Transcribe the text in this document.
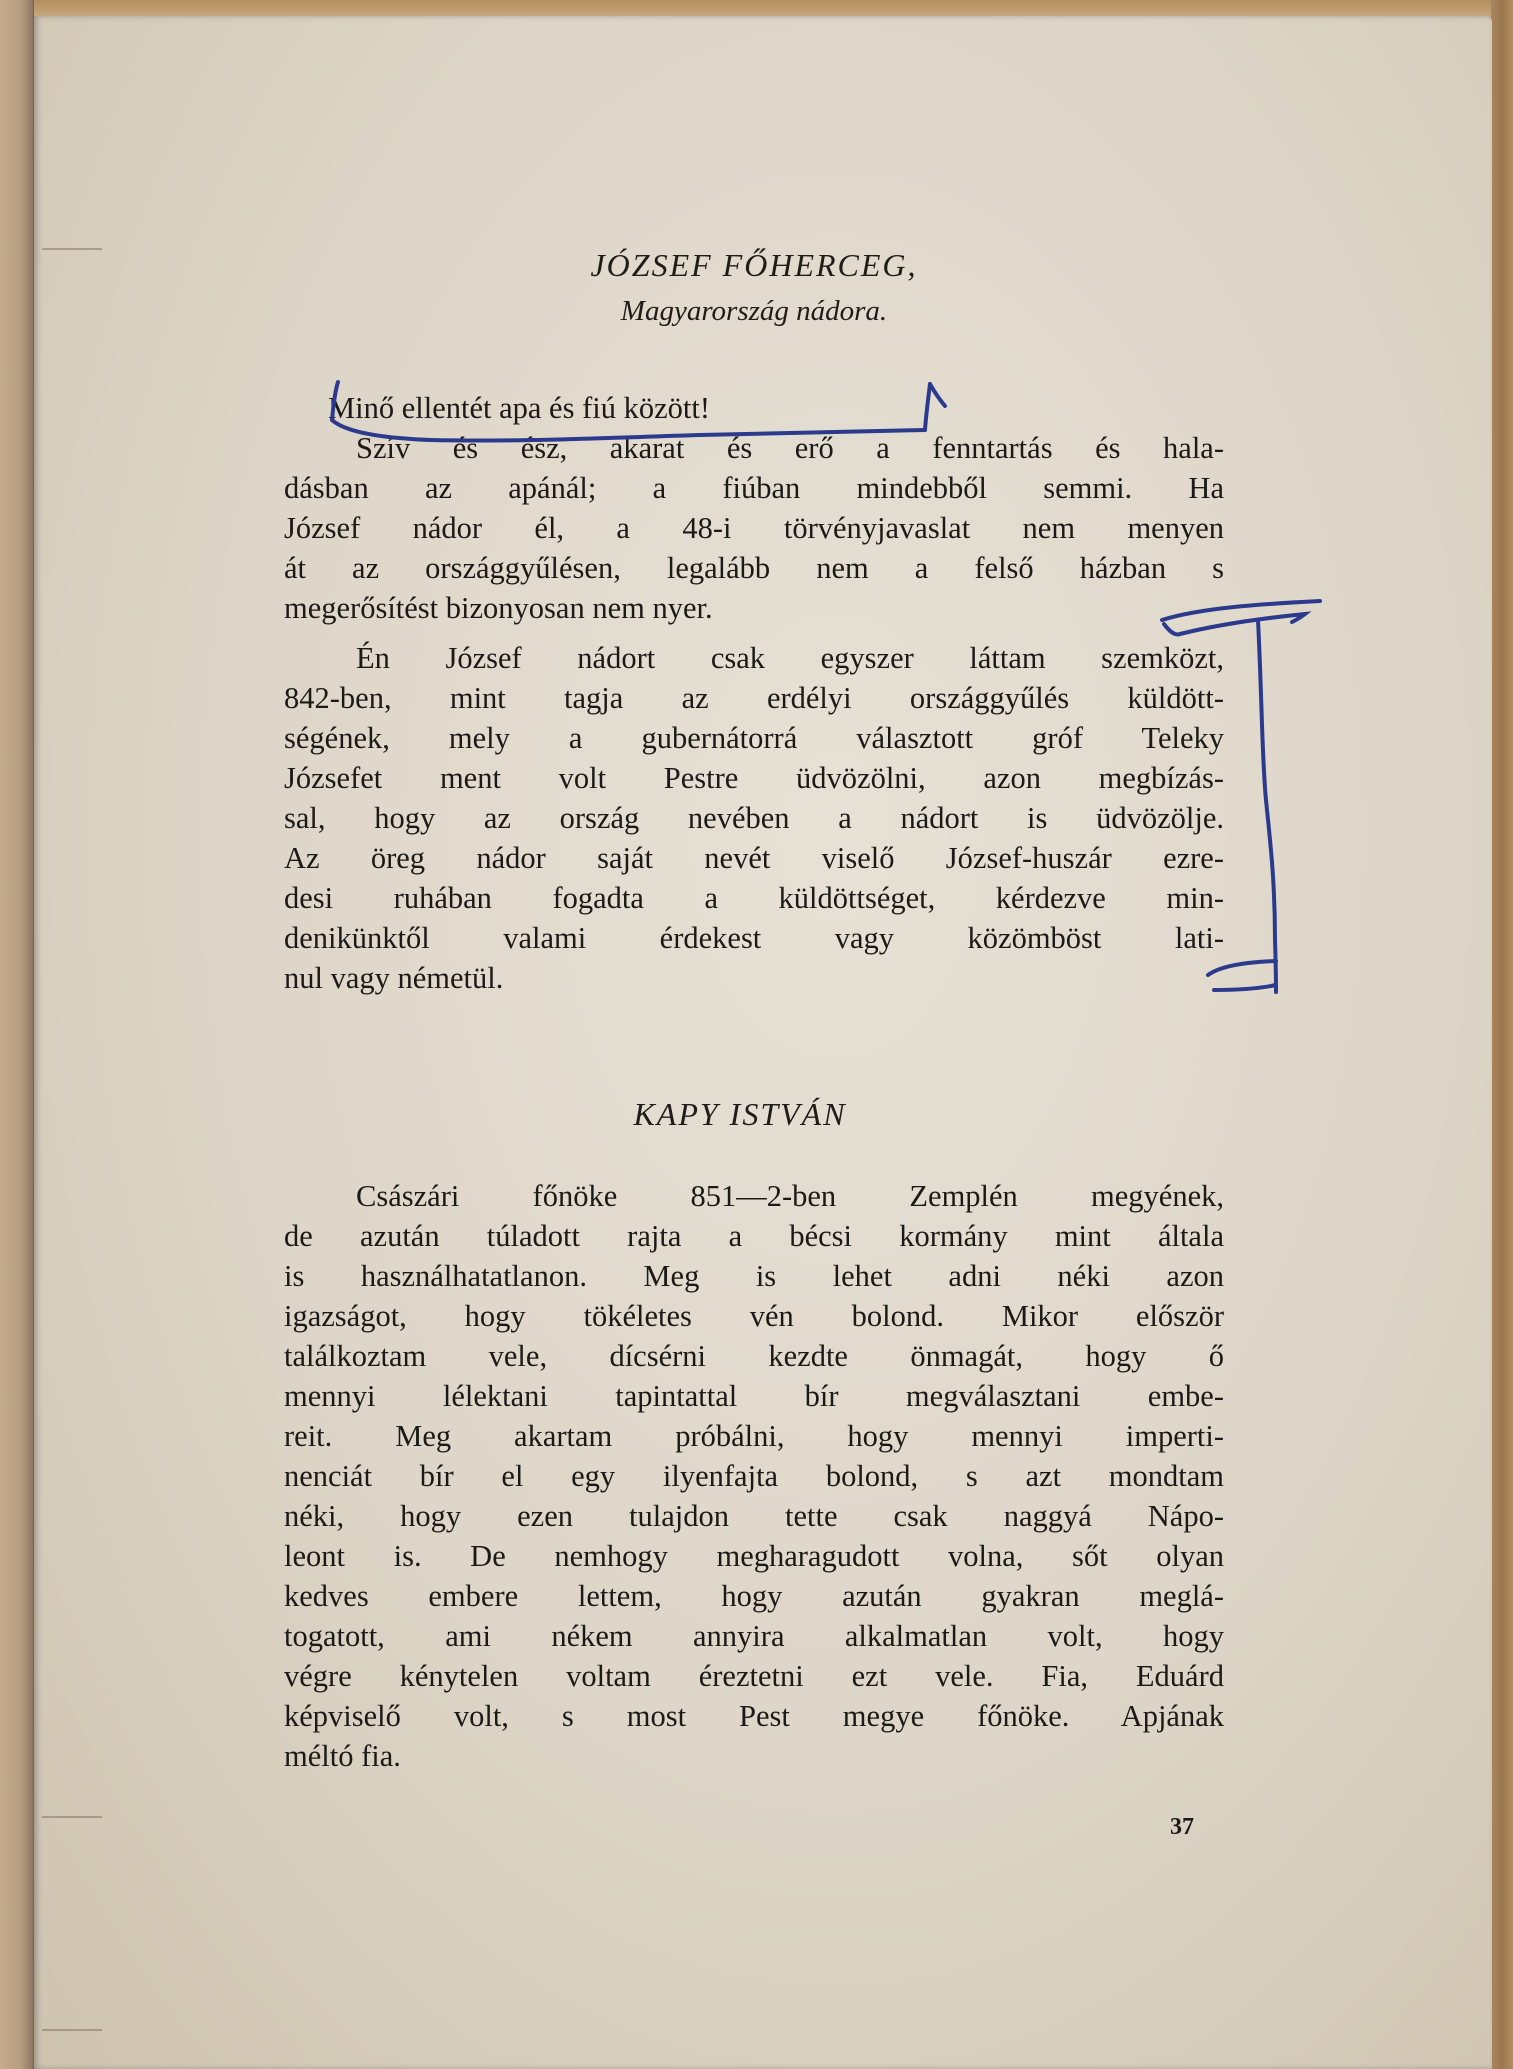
JÓZSEF FŐHERCEG,
Magyarország nádora.
Minő ellentét apa és fiú között!
Szív és ész, akarat és erő a fenntartás és hala-
dásban az apánál; a fiúban mindebből semmi. Ha
József nádor él, a 48-i törvényjavaslat nem menyen
át az országgyűlésen, legalább nem a felső házban s
megerősítést bizonyosan nem nyer.
Én József nádort csak egyszer láttam szemközt,
842-ben, mint tagja az erdélyi országgyűlés küldött-
ségének, mely a gubernátorrá választott gróf Teleky
Józsefet ment volt Pestre üdvözölni, azon megbízás-
sal, hogy az ország nevében a nádort is üdvözölje.
Az öreg nádor saját nevét viselő József-huszár ezre-
desi ruhában fogadta a küldöttséget, kérdezve min-
denikünktől valami érdekest vagy közömböst lati-
nul vagy németül.
KAPY ISTVÁN
Császári főnöke 851—2-ben Zemplén megyének,
de azután túladott rajta a bécsi kormány mint általa
is használhatatlanon. Meg is lehet adni néki azon
igazságot, hogy tökéletes vén bolond. Mikor először
találkoztam vele, dícsérni kezdte önmagát, hogy ő
mennyi lélektani tapintattal bír megválasztani embe-
reit. Meg akartam próbálni, hogy mennyi imperti-
nenciát bír el egy ilyenfajta bolond, s azt mondtam
néki, hogy ezen tulajdon tette csak naggyá Nápo-
leont is. De nemhogy megharagudott volna, sőt olyan
kedves embere lettem, hogy azután gyakran meglá-
togatott, ami nékem annyira alkalmatlan volt, hogy
végre kénytelen voltam éreztetni ezt vele. Fia, Eduárd
képviselő volt, s most Pest megye főnöke. Apjának
méltó fia.
37
